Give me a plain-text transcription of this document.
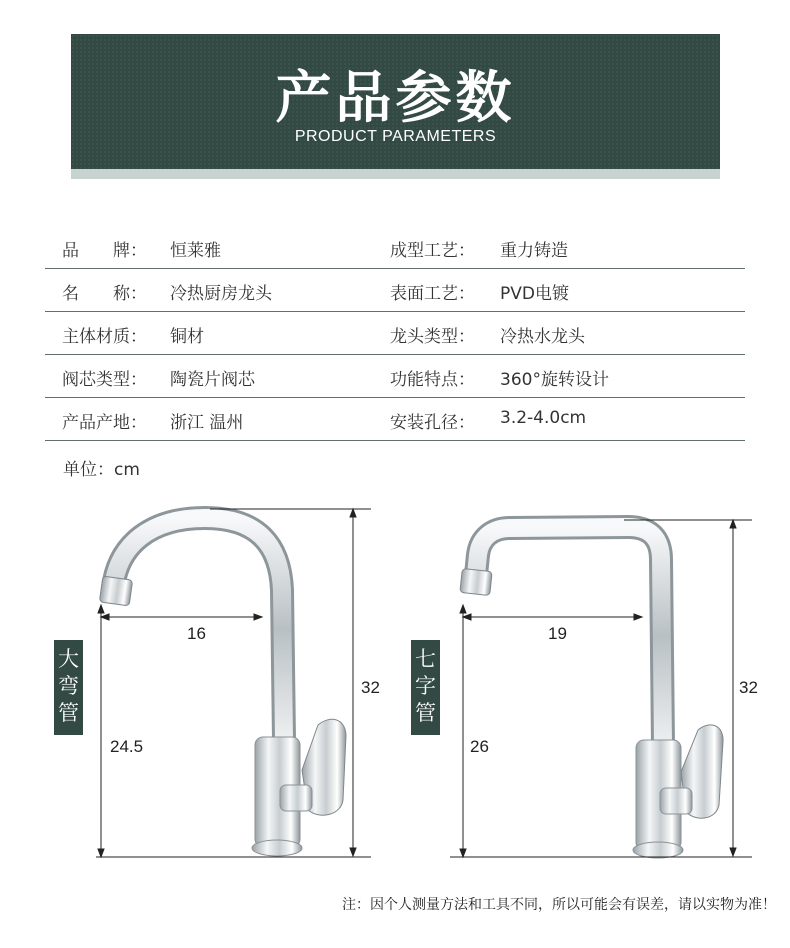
产品参数
PRODUCT PARAMETERS
品　　牌： 恒莱雅	成型工艺： 重力铸造
名　　称： 冷热厨房龙头	表面工艺： PVD电镀
主体材质： 铜材	龙头类型： 冷热水龙头
阀芯类型： 陶瓷片阀芯	功能特点： 360°旋转设计
产品产地： 浙江 温州	安装孔径： 3.2-4.0cm
单位：cm
大弯管
七字管
16
32
24.5
19
32
26
注：因个人测量方法和工具不同，所以可能会有误差，请以实物为准！
